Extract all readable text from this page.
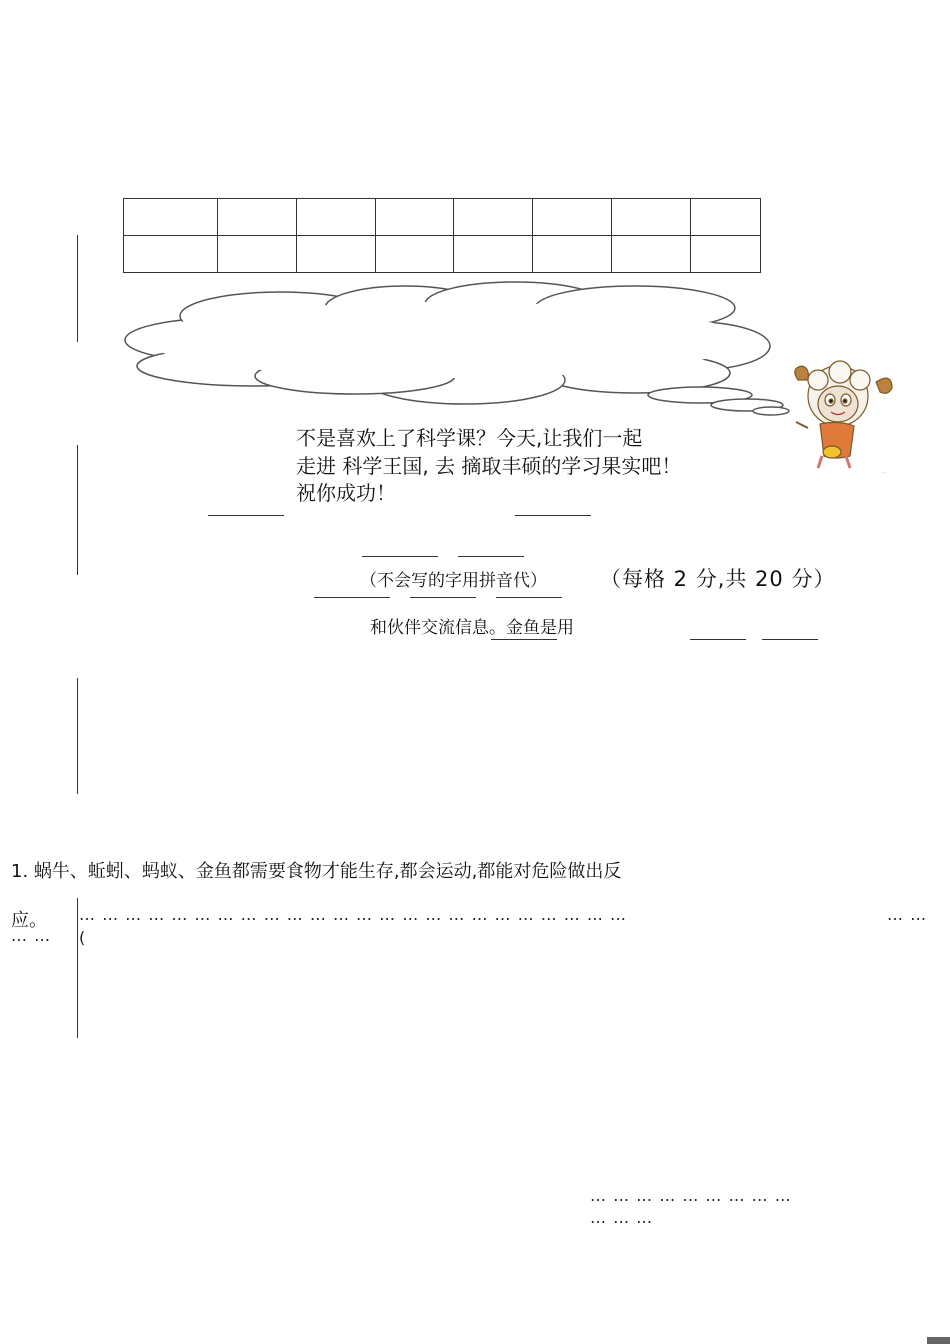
····
不是喜欢上了科学课？今天,让我们一起
走进 科学王国, 去 摘取丰硕的学习果实吧！
祝你成功！
（不会写的字用拼音代）	（每格 2 分,共 20 分）
和伙伴交流信息。金鱼是用
1. 蜗牛、蚯蚓、蚂蚁、金鱼都需要食物才能生存,都会运动,都能对危险做出反
应。
… …
… … … … … … … … … … … … … … … … … … … … … … … …
(
… …
… … … … … … … … …
… … …
